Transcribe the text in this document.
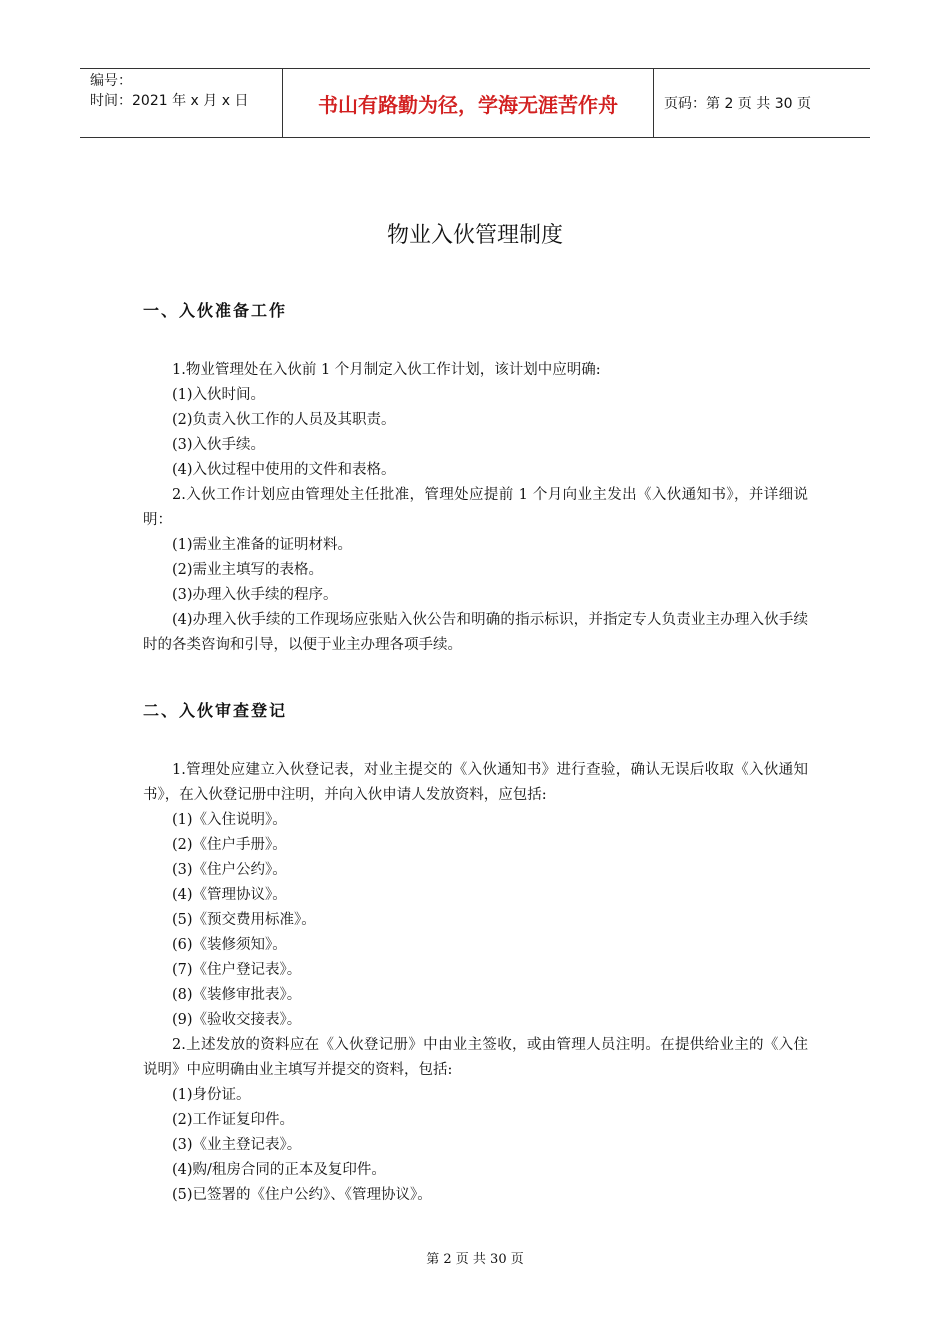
编号：
时间：2021 年 x 月 x 日	书山有路勤为径，学海无涯苦作舟	页码：第 2 页 共 30 页
物业入伙管理制度
一、入伙准备工作

1.物业管理处在入伙前 1 个月制定入伙工作计划，该计划中应明确:

(1)入伙时间。

(2)负责入伙工作的人员及其职责。

(3)入伙手续。

(4)入伙过程中使用的文件和表格。

2.入伙工作计划应由管理处主任批准，管理处应提前 1 个月向业主发出《入伙通知书》，并详细说明：

(1)需业主准备的证明材料。

(2)需业主填写的表格。

(3)办理入伙手续的程序。

(4)办理入伙手续的工作现场应张贴入伙公告和明确的指示标识，并指定专人负责业主办理入伙手续时的各类咨询和引导，以便于业主办理各项手续。

二、入伙审查登记

1.管理处应建立入伙登记表，对业主提交的《入伙通知书》进行查验，确认无误后收取《入伙通知书》，在入伙登记册中注明，并向入伙申请人发放资料，应包括:

(1)《入住说明》。

(2)《住户手册》。

(3)《住户公约》。

(4)《管理协议》。

(5)《预交费用标准》。

(6)《装修须知》。

(7)《住户登记表》。

(8)《装修审批表》。

(9)《验收交接表》。

2.上述发放的资料应在《入伙登记册》中由业主签收，或由管理人员注明。在提供给业主的《入住说明》中应明确由业主填写并提交的资料，包括:

(1)身份证。

(2)工作证复印件。

(3)《业主登记表》。

(4)购/租房合同的正本及复印件。

(5)已签署的《住户公约》、《管理协议》。

第 2 页 共 30 页
